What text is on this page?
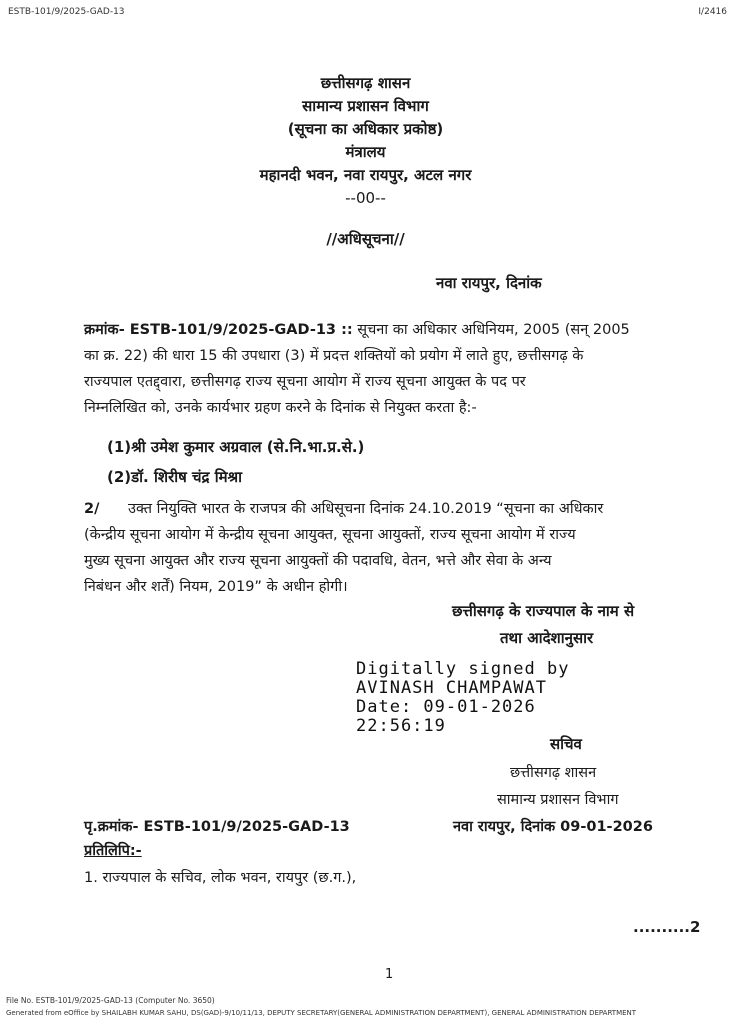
ESTB-101/9/2025-GAD-13	I/2416
छत्तीसगढ़ शासन
सामान्य प्रशासन विभाग
(सूचना का अधिकार प्रकोष्ठ)
मंत्रालय
महानदी भवन, नवा रायपुर, अटल नगर
--00--
//अधिसूचना//
नवा रायपुर, दिनांक
क्रमांक- ESTB-101/9/2025-GAD-13 :: सूचना का अधिकार अधिनियम, 2005 (सन् 2005
का क्र. 22) की धारा 15 की उपधारा (3) में प्रदत्त शक्तियों को प्रयोग में लाते हुए, छत्तीसगढ़ के
राज्यपाल एतद्द्वारा, छत्तीसगढ़ राज्य सूचना आयोग में राज्य सूचना आयुक्त के पद पर
निम्नलिखित को, उनके कार्यभार ग्रहण करने के दिनांक से नियुक्त करता है:-
(1)श्री उमेश कुमार अग्रवाल (से.नि.भा.प्र.से.)
(2)डॉ. शिरीष चंद्र मिश्रा
2/ उक्त नियुक्ति भारत के राजपत्र की अधिसूचना दिनांक 24.10.2019 “सूचना का अधिकार
(केन्द्रीय सूचना आयोग में केन्द्रीय सूचना आयुक्त, सूचना आयुक्तों, राज्य सूचना आयोग में राज्य
मुख्य सूचना आयुक्त और राज्य सूचना आयुक्तों की पदावधि, वेतन, भत्ते और सेवा के अन्य
निबंधन और शर्तें) नियम, 2019” के अधीन होगी।
छत्तीसगढ़ के राज्यपाल के नाम से
तथा आदेशानुसार
Digitally signed by
AVINASH CHAMPAWAT
Date: 09-01-2026
22:56:19
सचिव
छत्तीसगढ़ शासन
सामान्य प्रशासन विभाग
पृ.क्रमांक- ESTB-101/9/2025-GAD-13	नवा रायपुर, दिनांक 09-01-2026
प्रतिलिपि:-
1. राज्यपाल के सचिव, लोक भवन, रायपुर (छ.ग.),
..........2
1
File No. ESTB-101/9/2025-GAD-13 (Computer No. 3650)
Generated from eOffice by SHAILABH KUMAR SAHU, DS(GAD)-9/10/11/13, DEPUTY SECRETARY(GENERAL ADMINISTRATION DEPARTMENT), GENERAL ADMINISTRATION DEPARTMENT
